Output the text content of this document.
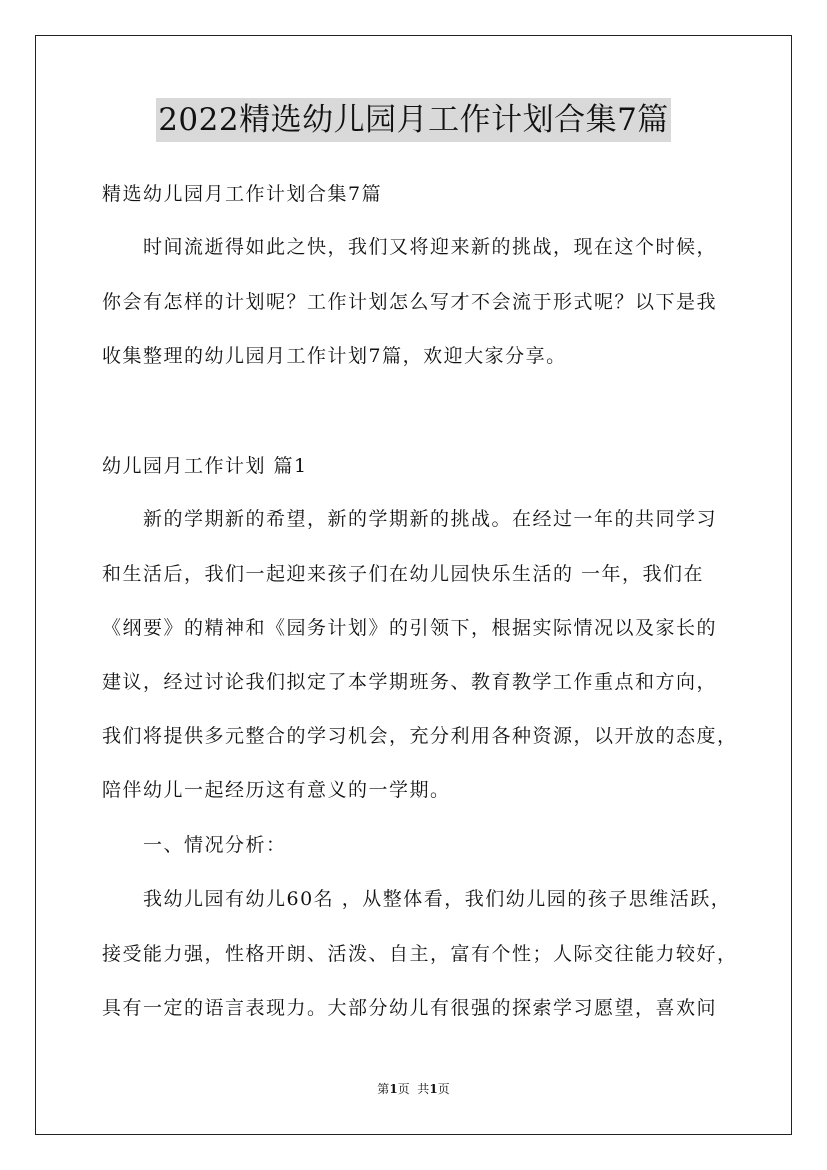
2022精选幼儿园月工作计划合集7篇
精选幼儿园月工作计划合集7篇
时间流逝得如此之快，我们又将迎来新的挑战，现在这个时候，
你会有怎样的计划呢？工作计划怎么写才不会流于形式呢？以下是我
收集整理的幼儿园月工作计划7篇，欢迎大家分享。
幼儿园月工作计划 篇1
新的学期新的希望，新的学期新的挑战。在经过一年的共同学习
和生活后，我们一起迎来孩子们在幼儿园快乐生活的 一年，我们在
《纲要》的精神和《园务计划》的引领下，根据实际情况以及家长的
建议，经过讨论我们拟定了本学期班务、教育教学工作重点和方向，
我们将提供多元整合的学习机会，充分利用各种资源，以开放的态度，
陪伴幼儿一起经历这有意义的一学期。
一、情况分析：
我幼儿园有幼儿60名 ，从整体看，我们幼儿园的孩子思维活跃，
接受能力强，性格开朗、活泼、自主，富有个性；人际交往能力较好，
具有一定的语言表现力。大部分幼儿有很强的探索学习愿望，喜欢问
第1页  共1页
